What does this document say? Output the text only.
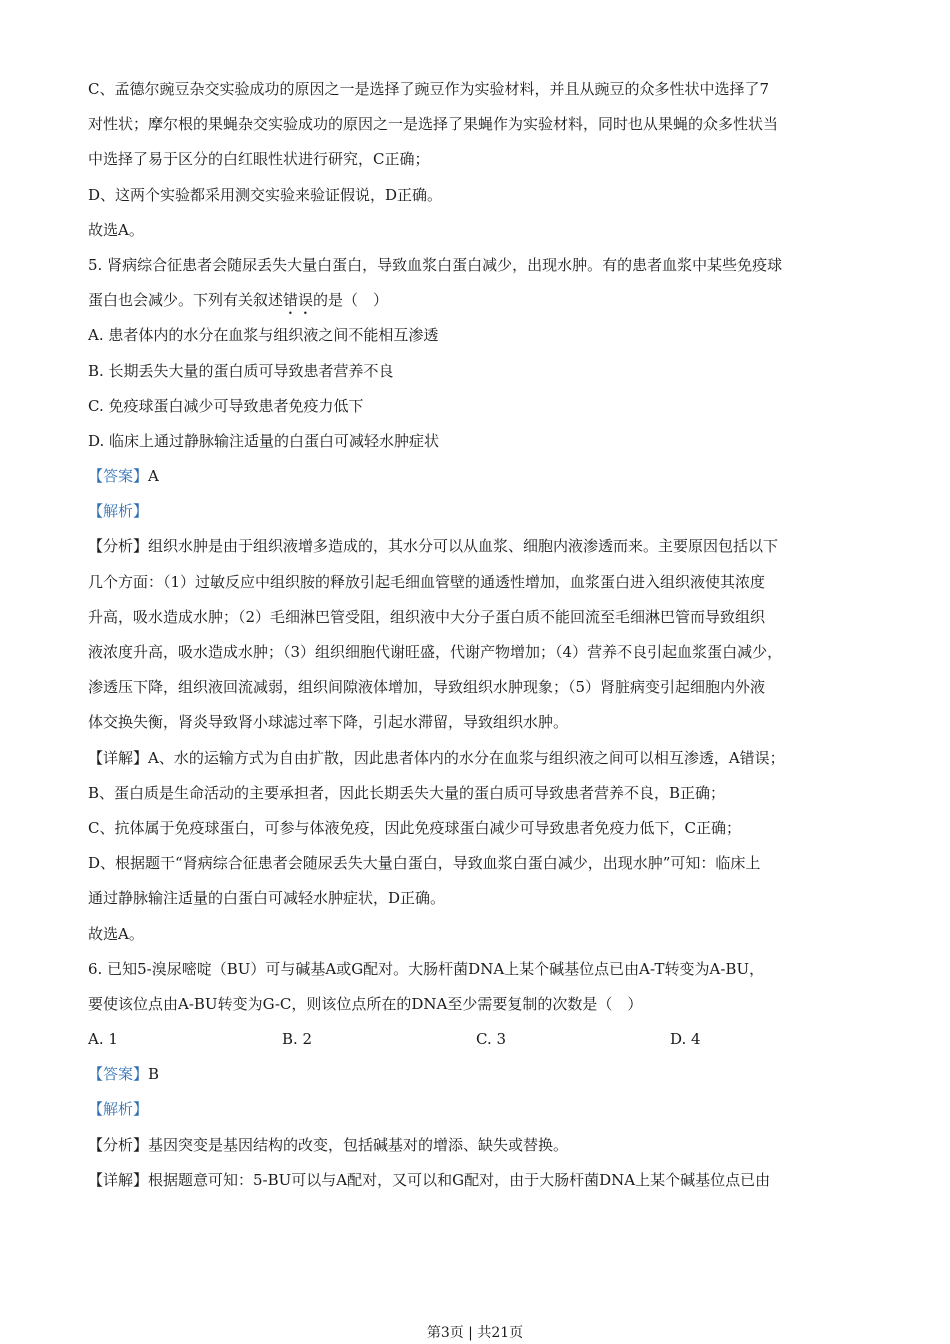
C、孟德尔豌豆杂交实验成功的原因之一是选择了豌豆作为实验材料，并且从豌豆的众多性状中选择了7
对性状；摩尔根的果蝇杂交实验成功的原因之一是选择了果蝇作为实验材料，同时也从果蝇的众多性状当
中选择了易于区分的白红眼性状进行研究，C正确；
D、这两个实验都采用测交实验来验证假说，D正确。
故选A。
5. 肾病综合征患者会随尿丢失大量白蛋白，导致血浆白蛋白减少，出现水肿。有的患者血浆中某些免疫球
蛋白也会减少。下列有关叙述错误的是（　）
A. 患者体内的水分在血浆与组织液之间不能相互渗透
B. 长期丢失大量的蛋白质可导致患者营养不良
C. 免疫球蛋白减少可导致患者免疫力低下
D. 临床上通过静脉输注适量的白蛋白可减轻水肿症状
【答案】A
【解析】
【分析】组织水肿是由于组织液增多造成的，其水分可以从血浆、细胞内液渗透而来。主要原因包括以下
几个方面：（1）过敏反应中组织胺的释放引起毛细血管壁的通透性增加，血浆蛋白进入组织液使其浓度
升高，吸水造成水肿；（2）毛细淋巴管受阻，组织液中大分子蛋白质不能回流至毛细淋巴管而导致组织
液浓度升高，吸水造成水肿；（3）组织细胞代谢旺盛，代谢产物增加；（4）营养不良引起血浆蛋白减少，
渗透压下降，组织液回流减弱，组织间隙液体增加，导致组织水肿现象；（5）肾脏病变引起细胞内外液
体交换失衡，肾炎导致肾小球滤过率下降，引起水滞留，导致组织水肿。
【详解】A、水的运输方式为自由扩散，因此患者体内的水分在血浆与组织液之间可以相互渗透，A错误；
B、蛋白质是生命活动的主要承担者，因此长期丢失大量的蛋白质可导致患者营养不良，B正确；
C、抗体属于免疫球蛋白，可参与体液免疫，因此免疫球蛋白减少可导致患者免疫力低下，C正确；
D、根据题干“肾病综合征患者会随尿丢失大量白蛋白，导致血浆白蛋白减少，出现水肿”可知：临床上
通过静脉输注适量的白蛋白可减轻水肿症状，D正确。
故选A。
6. 已知5-溴尿嘧啶（BU）可与碱基A或G配对。大肠杆菌DNA上某个碱基位点已由A-T转变为A-BU，
要使该位点由A-BU转变为G-C，则该位点所在的DNA至少需要复制的次数是（　）
A. 1	B. 2	C. 3	D. 4
【答案】B
【解析】
【分析】基因突变是基因结构的改变，包括碱基对的增添、缺失或替换。
【详解】根据题意可知：5-BU可以与A配对，又可以和G配对，由于大肠杆菌DNA上某个碱基位点已由
第3页 | 共21页
